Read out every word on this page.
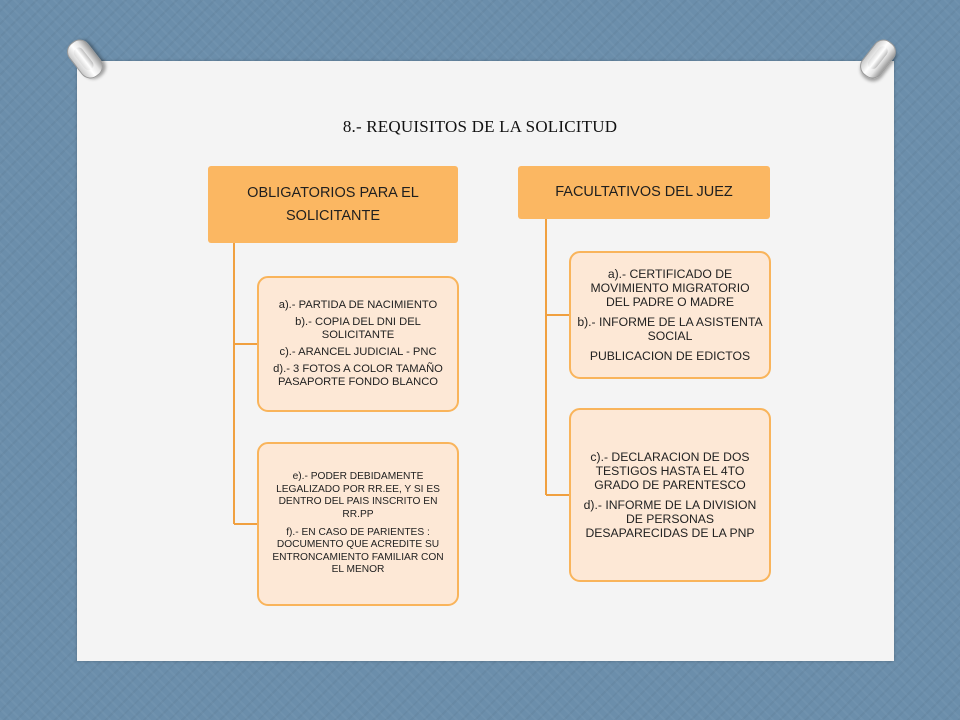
8.- REQUISITOS DE LA SOLICITUD
OBLIGATORIOS PARA EL SOLICITANTE
FACULTATIVOS DEL JUEZ

a).- PARTIDA DE NACIMIENTO

b).- COPIA DEL DNI DEL SOLICITANTE

c).- ARANCEL JUDICIAL - PNC

d).- 3 FOTOS A COLOR TAMAÑO PASAPORTE FONDO BLANCO

e).- PODER DEBIDAMENTE LEGALIZADO POR RR.EE, Y SI ES DENTRO DEL PAIS INSCRITO EN RR.PP

f).- EN CASO DE PARIENTES : DOCUMENTO QUE ACREDITE SU ENTRONCAMIENTO FAMILIAR CON EL MENOR

a).- CERTIFICADO DE MOVIMIENTO MIGRATORIO DEL PADRE O MADRE

b).- INFORME DE LA ASISTENTA SOCIAL

PUBLICACION DE EDICTOS

c).- DECLARACION DE DOS TESTIGOS HASTA EL 4TO GRADO DE PARENTESCO

d).- INFORME DE LA DIVISION DE PERSONAS DESAPARECIDAS DE LA PNP
